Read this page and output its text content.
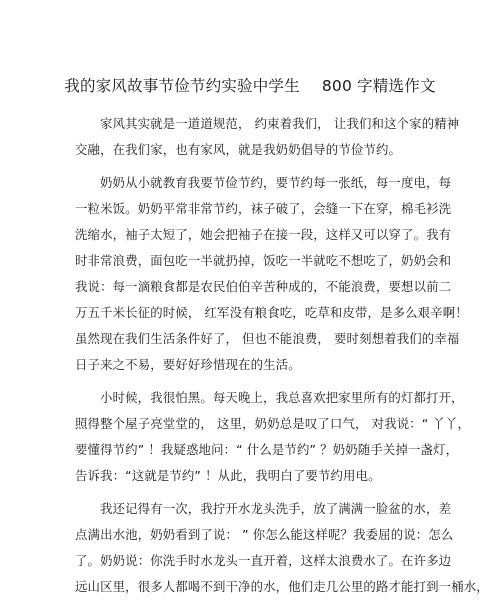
我的家风故事节俭节约实验中学生 800 字精选作文
家风其实就是一道道规范， 约束着我们， 让我们和这个家的精神
交融，在我们家，也有家风，就是我奶奶倡导的节俭节约。
奶奶从小就教育我要节俭节约，要节约每一张纸，每一度电，每
一粒米饭。奶奶平常非常节约，袜子破了，会缝一下在穿，棉毛衫洗
洗缩水，袖子太短了，她会把袖子在接一段，这样又可以穿了。我有
时非常浪费，面包吃一半就扔掉，饭吃一半就吃不想吃了，奶奶会和
我说：每一滴粮食都是农民伯伯辛苦种成的，不能浪费，要想以前二
万五千米长征的时候， 红军没有粮食吃，吃草和皮带，是多么艰辛啊！
虽然现在我们生活条件好了， 但也不能浪费， 要时刻想着我们的幸福
日子来之不易，要好好珍惜现在的生活。
小时候，我很怕黑。每天晚上，我总喜欢把家里所有的灯都打开，
照得整个屋子亮堂堂的， 这里，奶奶总是叹了口气， 对我说：“ 丫丫，
要懂得节约” ！我疑惑地问：“ 什么是节约” ？奶奶随手关掉一盏灯，
告诉我：“这就是节约” ！从此，我明白了要节约用电。
我还记得有一次，我拧开水龙头洗手，放了满满一脸盆的水，差
点满出水池，奶奶看到了说： ” 你怎么能这样呢？我委屈的说：怎么
了。奶奶说：你洗手时水龙头一直开着，这样太浪费水了。在许多边
远山区里，很多人都喝不到干净的水，他们走几公里的路才能打到一桶水，
